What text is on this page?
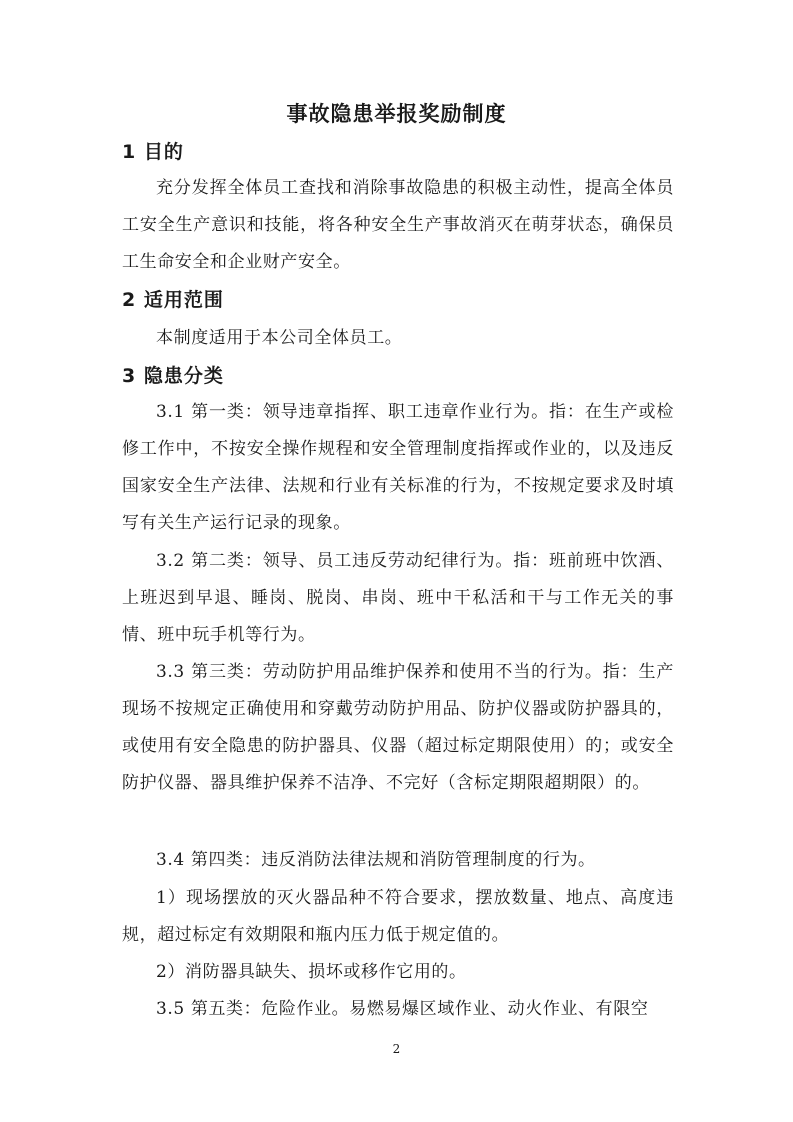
事故隐患举报奖励制度
1 目的
充分发挥全体员工查找和消除事故隐患的积极主动性，提高全体员工安全生产意识和技能，将各种安全生产事故消灭在萌芽状态，确保员工生命安全和企业财产安全。
2 适用范围
本制度适用于本公司全体员工。
3 隐患分类
3.1 第一类：领导违章指挥、职工违章作业行为。指：在生产或检修工作中，不按安全操作规程和安全管理制度指挥或作业的，以及违反国家安全生产法律、法规和行业有关标准的行为，不按规定要求及时填写有关生产运行记录的现象。
3.2 第二类：领导、员工违反劳动纪律行为。指：班前班中饮酒、上班迟到早退、睡岗、脱岗、串岗、班中干私活和干与工作无关的事情、班中玩手机等行为。
3.3 第三类：劳动防护用品维护保养和使用不当的行为。指：生产现场不按规定正确使用和穿戴劳动防护用品、防护仪器或防护器具的，或使用有安全隐患的防护器具、仪器（超过标定期限使用）的；或安全防护仪器、器具维护保养不洁净、不完好（含标定期限超期限）的。
3.4 第四类：违反消防法律法规和消防管理制度的行为。
1）现场摆放的灭火器品种不符合要求，摆放数量、地点、高度违规，超过标定有效期限和瓶内压力低于规定值的。
2）消防器具缺失、损坏或移作它用的。
3.5 第五类：危险作业。易燃易爆区域作业、动火作业、有限空
2
